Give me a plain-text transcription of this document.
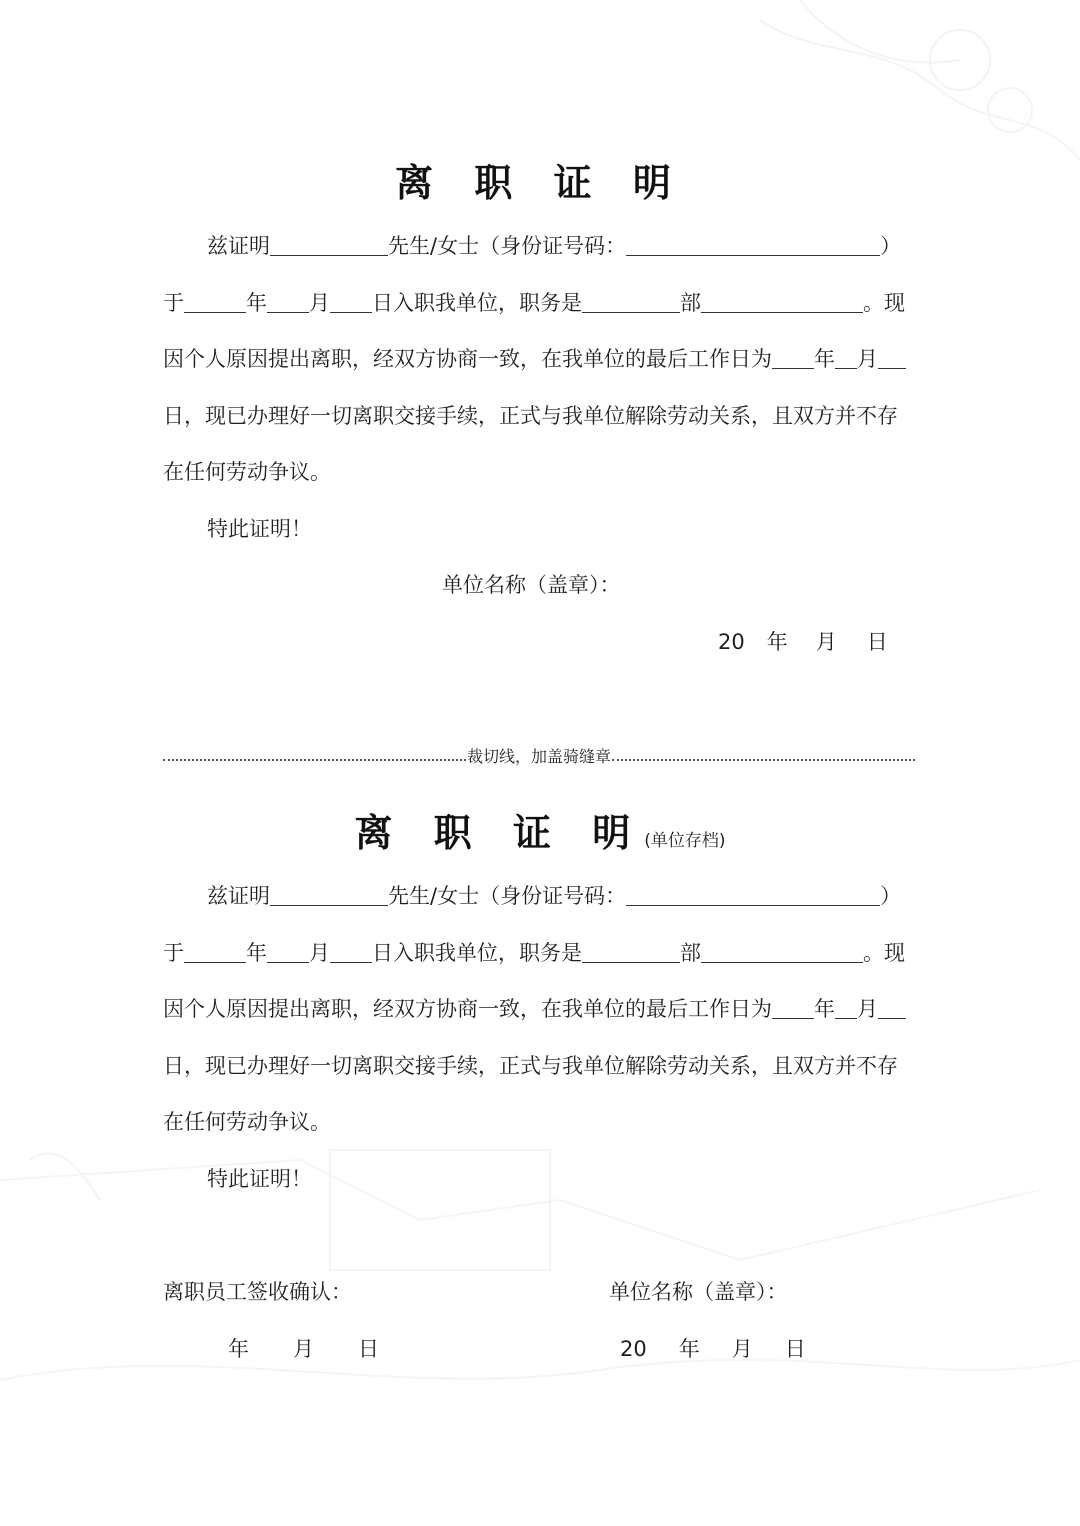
离 职 证 明
兹证明	先生/女士（身份证号码：	）
于	年 月 日入职我单位，职务是	部	。现
因个人原因提出离职，经双方协商一致，在我单位的最后工作日为 年 月
日，现已办理好一切离职交接手续，正式与我单位解除劳动关系，且双方并不存
在任何劳动争议。
特此证明！
单位名称（盖章）：
20 年 月 日
裁切线，加盖骑缝章
离 职 证 明(单位存档)
兹证明	先生/女士（身份证号码：	）
于	年 月 日入职我单位，职务是	部	。现
因个人原因提出离职，经双方协商一致，在我单位的最后工作日为 年 月
日，现已办理好一切离职交接手续，正式与我单位解除劳动关系，且双方并不存
在任何劳动争议。
特此证明！
离职员工签收确认：	单位名称（盖章）：
年 月 日	20 年 月 日
